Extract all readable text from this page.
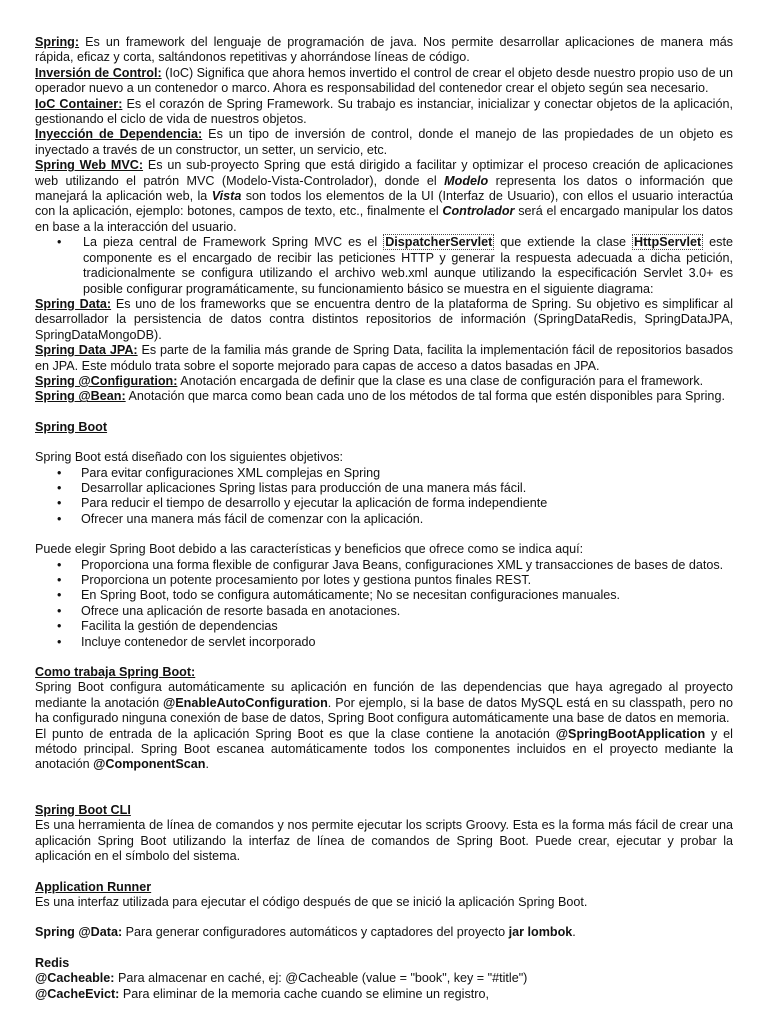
Spring: Es un framework del lenguaje de programación de java. Nos permite desarrollar aplicaciones de manera más rápida, eficaz y corta, saltándonos repetitivas y ahorrándose líneas de código.

Inversión de Control: (IoC) Significa que ahora hemos invertido el control de crear el objeto desde nuestro propio uso de un operador nuevo a un contenedor o marco. Ahora es responsabilidad del contenedor crear el objeto según sea necesario.

IoC Container: Es el corazón de Spring Framework. Su trabajo es instanciar, inicializar y conectar objetos de la aplicación, gestionando el ciclo de vida de nuestros objetos.

Inyección de Dependencia: Es un tipo de inversión de control, donde el manejo de las propiedades de un objeto es inyectado a través de un constructor, un setter, un servicio, etc.

Spring Web MVC: Es un sub-proyecto Spring que está dirigido a facilitar y optimizar el proceso creación de aplicaciones web utilizando el patrón MVC (Modelo-Vista-Controlador), donde el Modelo representa los datos o información que manejará la aplicación web, la Vista son todos los elementos de la UI (Interfaz de Usuario), con ellos el usuario interactúa con la aplicación, ejemplo: botones, campos de texto, etc., finalmente el Controlador será el encargado manipular los datos en base a la interacción del usuario.

• La pieza central de Framework Spring MVC es el DispatcherServlet que extiende la clase HttpServlet este componente es el encargado de recibir las peticiones HTTP y generar la respuesta adecuada a dicha petición, tradicionalmente se configura utilizando el archivo web.xml aunque utilizando la especificación Servlet 3.0+ es posible configurar programáticamente, su funcionamiento básico se muestra en el siguiente diagrama:

Spring Data: Es uno de los frameworks que se encuentra dentro de la plataforma de Spring. Su objetivo es simplificar al desarrollador la persistencia de datos contra distintos repositorios de información (SpringDataRedis, SpringDataJPA, SpringDataMongoDB).

Spring Data JPA: Es parte de la familia más grande de Spring Data, facilita la implementación fácil de repositorios basados en JPA. Este módulo trata sobre el soporte mejorado para capas de acceso a datos basadas en JPA.

Spring @Configuration: Anotación encargada de definir que la clase es una clase de configuración para el framework.

Spring @Bean: Anotación que marca como bean cada uno de los métodos de tal forma que estén disponibles para Spring.

Spring Boot

Spring Boot está diseñado con los siguientes objetivos:

• Para evitar configuraciones XML complejas en Spring
• Desarrollar aplicaciones Spring listas para producción de una manera más fácil.
• Para reducir el tiempo de desarrollo y ejecutar la aplicación de forma independiente
• Ofrecer una manera más fácil de comenzar con la aplicación.

Puede elegir Spring Boot debido a las características y beneficios que ofrece como se indica aquí:

• Proporciona una forma flexible de configurar Java Beans, configuraciones XML y transacciones de bases de datos.
• Proporciona un potente procesamiento por lotes y gestiona puntos finales REST.
• En Spring Boot, todo se configura automáticamente; No se necesitan configuraciones manuales.
• Ofrece una aplicación de resorte basada en anotaciones.
• Facilita la gestión de dependencias
• Incluye contenedor de servlet incorporado

Como trabaja Spring Boot:

Spring Boot configura automáticamente su aplicación en función de las dependencias que haya agregado al proyecto mediante la anotación @EnableAutoConfiguration. Por ejemplo, si la base de datos MySQL está en su classpath, pero no ha configurado ninguna conexión de base de datos, Spring Boot configura automáticamente una base de datos en memoria.

El punto de entrada de la aplicación Spring Boot es que la clase contiene la anotación @SpringBootApplication y el método principal. Spring Boot escanea automáticamente todos los componentes incluidos en el proyecto mediante la anotación @ComponentScan.

Spring Boot CLI

Es una herramienta de línea de comandos y nos permite ejecutar los scripts Groovy. Esta es la forma más fácil de crear una aplicación Spring Boot utilizando la interfaz de línea de comandos de Spring Boot. Puede crear, ejecutar y probar la aplicación en el símbolo del sistema.

Application Runner

Es una interfaz utilizada para ejecutar el código después de que se inició la aplicación Spring Boot.

Spring @Data: Para generar configuradores automáticos y captadores del proyecto jar lombok.

Redis

@Cacheable: Para almacenar en caché, ej: @Cacheable (value = "book", key = "#title")

@CacheEvict: Para eliminar de la memoria cache cuando se elimine un registro,
